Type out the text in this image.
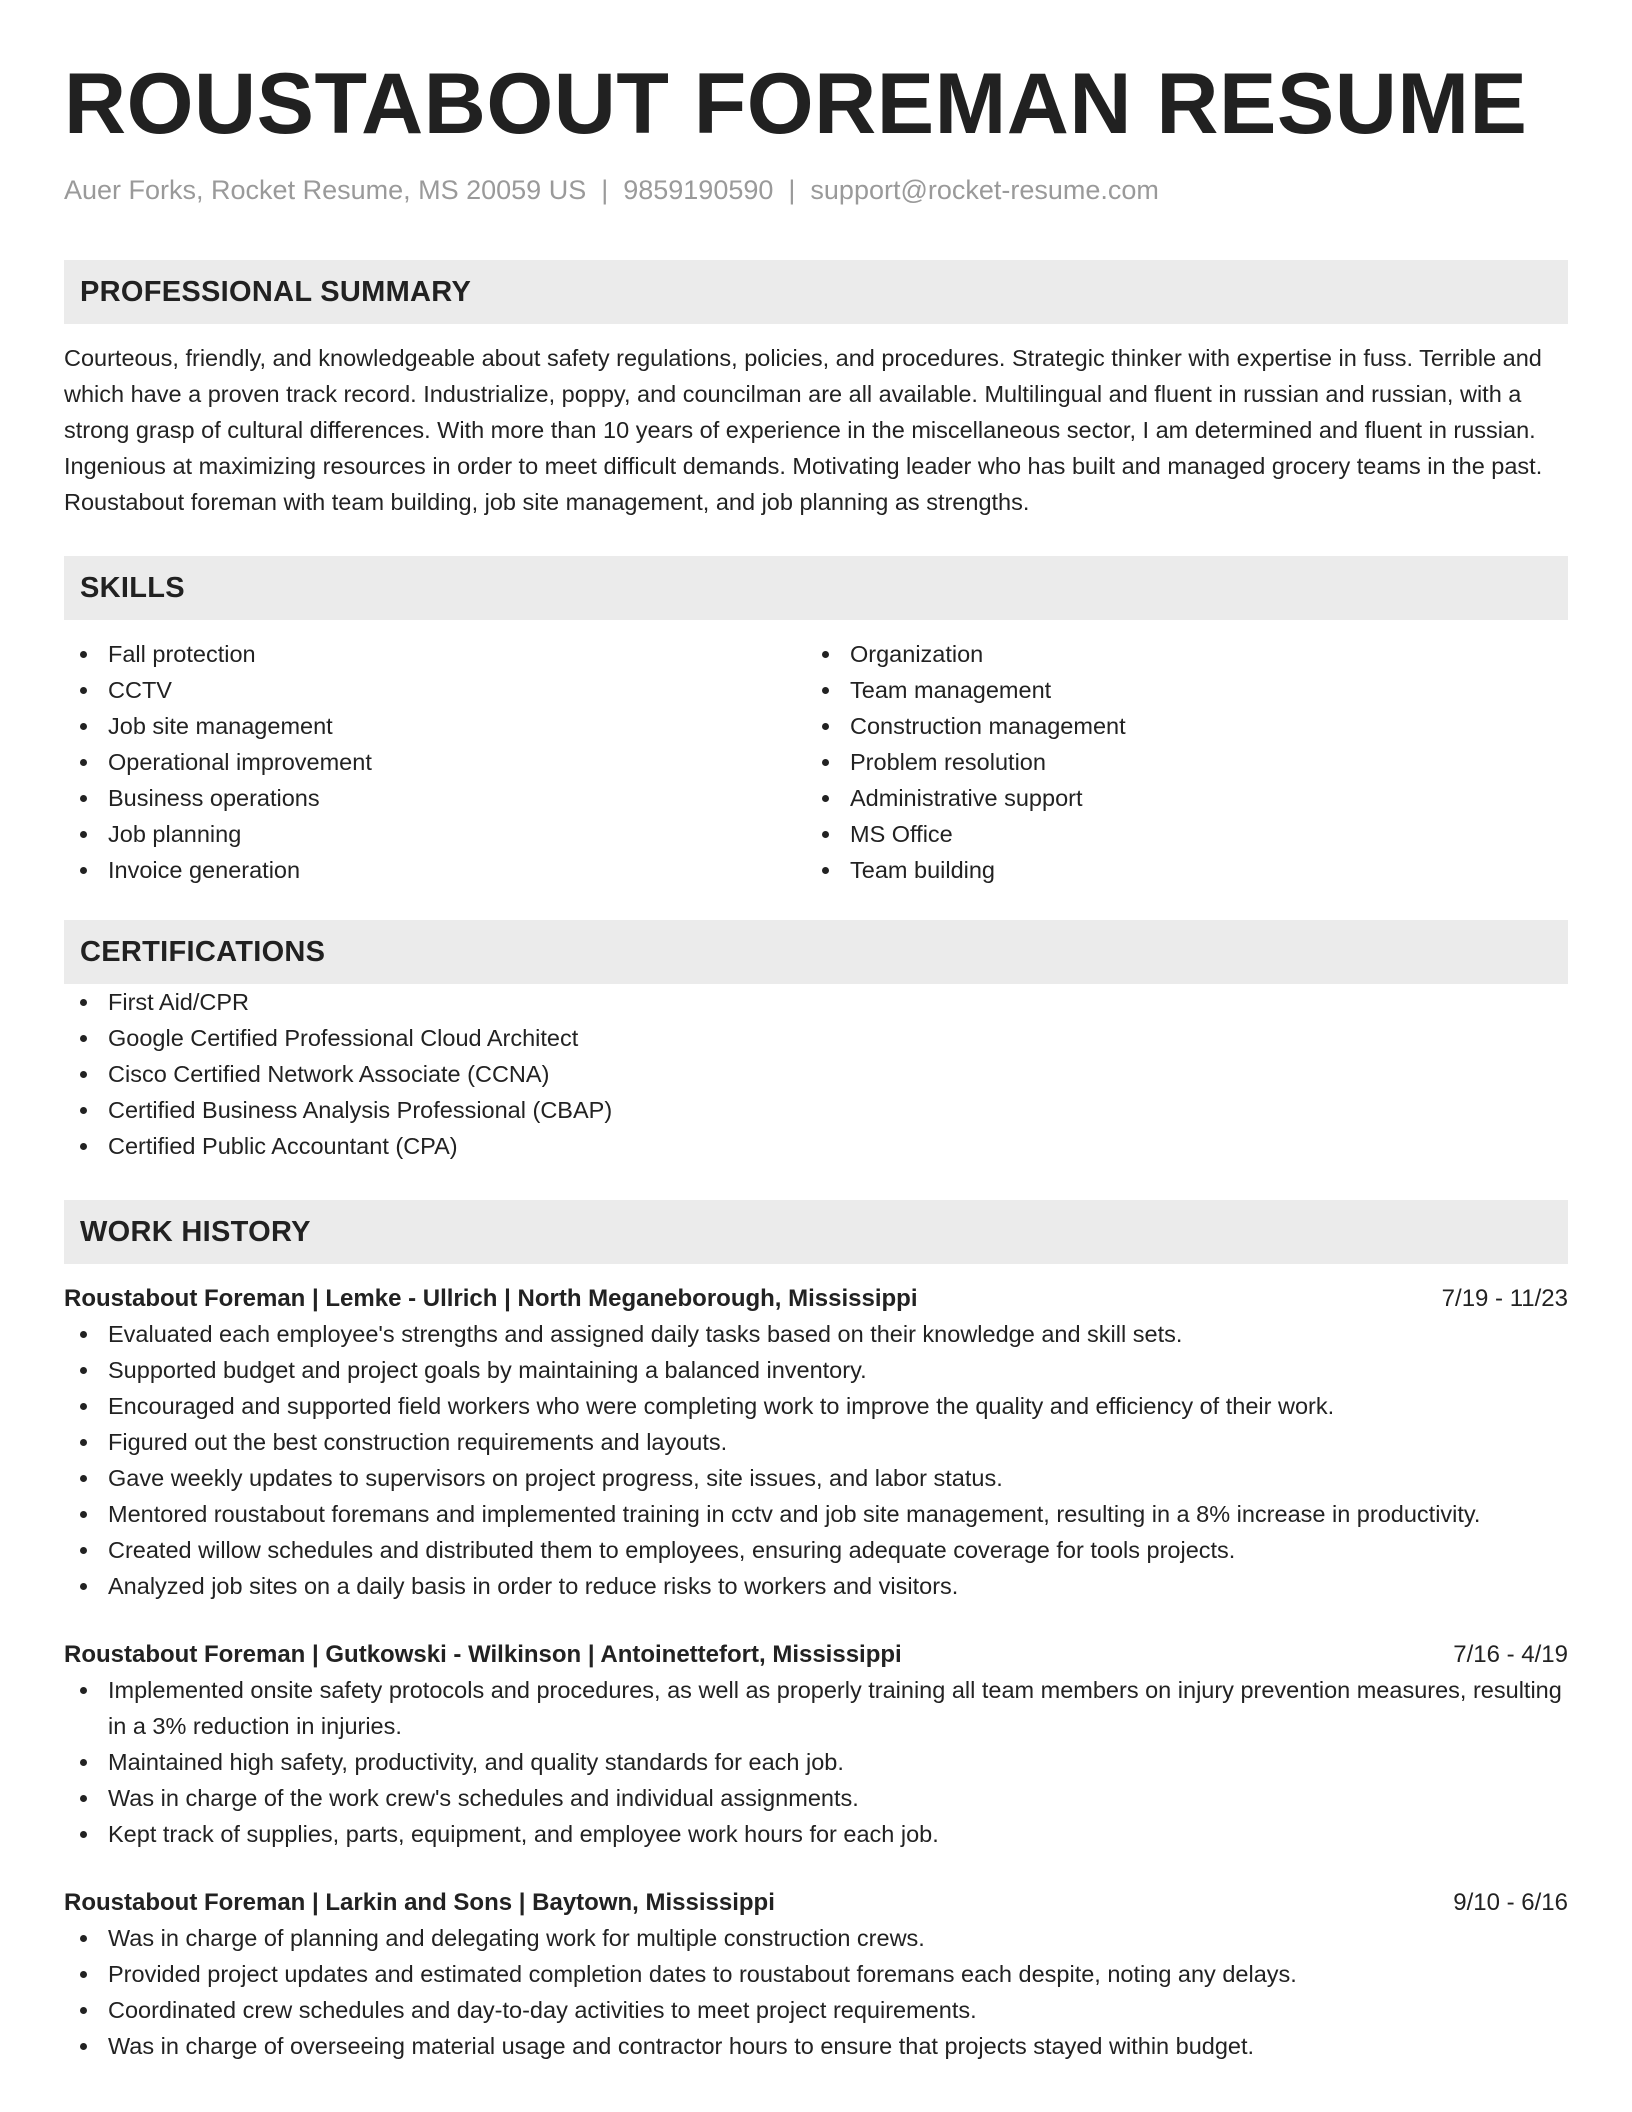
ROUSTABOUT FOREMAN RESUME
Auer Forks, Rocket Resume, MS 20059 US | 9859190590 | support@rocket-resume.com
PROFESSIONAL SUMMARY

Courteous, friendly, and knowledgeable about safety regulations, policies, and procedures. Strategic thinker with expertise in fuss. Terrible and which have a proven track record. Industrialize, poppy, and councilman are all available. Multilingual and fluent in russian and russian, with a strong grasp of cultural differences. With more than 10 years of experience in the miscellaneous sector, I am determined and fluent in russian. Ingenious at maximizing resources in order to meet difficult demands. Motivating leader who has built and managed grocery teams in the past. Roustabout foreman with team building, job site management, and job planning as strengths.

SKILLS
Fall protection
CCTV
Job site management
Operational improvement
Business operations
Job planning
Invoice generation
Organization
Team management
Construction management
Problem resolution
Administrative support
MS Office
Team building
CERTIFICATIONS
First Aid/CPR
Google Certified Professional Cloud Architect
Cisco Certified Network Associate (CCNA)
Certified Business Analysis Professional (CBAP)
Certified Public Accountant (CPA)
WORK HISTORY
Roustabout Foreman | Lemke - Ullrich | North Meganeborough, Mississippi	7/19 - 11/23
Evaluated each employee's strengths and assigned daily tasks based on their knowledge and skill sets.
Supported budget and project goals by maintaining a balanced inventory.
Encouraged and supported field workers who were completing work to improve the quality and efficiency of their work.
Figured out the best construction requirements and layouts.
Gave weekly updates to supervisors on project progress, site issues, and labor status.
Mentored roustabout foremans and implemented training in cctv and job site management, resulting in a 8% increase in productivity.
Created willow schedules and distributed them to employees, ensuring adequate coverage for tools projects.
Analyzed job sites on a daily basis in order to reduce risks to workers and visitors.
Roustabout Foreman | Gutkowski - Wilkinson | Antoinettefort, Mississippi	7/16 - 4/19
Implemented onsite safety protocols and procedures, as well as properly training all team members on injury prevention measures, resulting in a 3% reduction in injuries.
Maintained high safety, productivity, and quality standards for each job.
Was in charge of the work crew's schedules and individual assignments.
Kept track of supplies, parts, equipment, and employee work hours for each job.
Roustabout Foreman | Larkin and Sons | Baytown, Mississippi	9/10 - 6/16
Was in charge of planning and delegating work for multiple construction crews.
Provided project updates and estimated completion dates to roustabout foremans each despite, noting any delays.
Coordinated crew schedules and day-to-day activities to meet project requirements.
Was in charge of overseeing material usage and contractor hours to ensure that projects stayed within budget.
